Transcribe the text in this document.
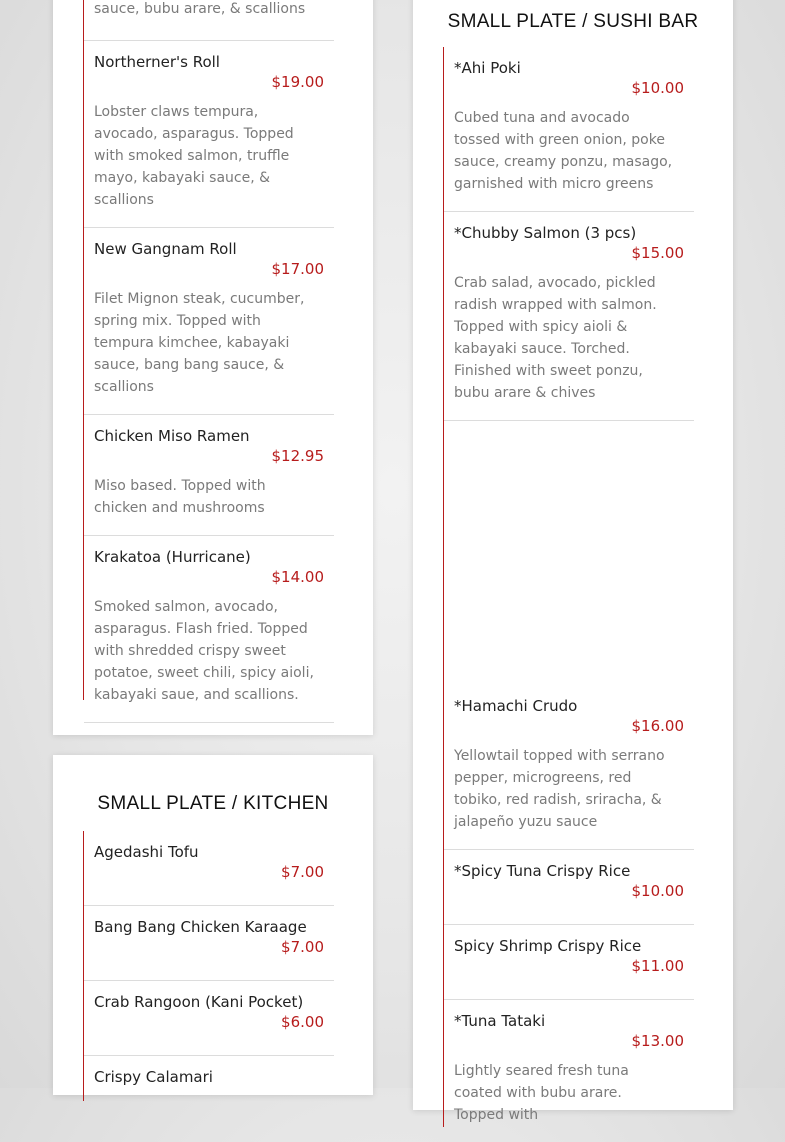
sauce, bubu arare, & scallions
Northerner's Roll
$19.00
Lobster claws tempura, avocado, asparagus. Topped with smoked salmon, truffle mayo, kabayaki sauce, & scallions
New Gangnam Roll
$17.00
Filet Mignon steak, cucumber, spring mix. Topped with tempura kimchee, kabayaki sauce, bang bang sauce, & scallions
Chicken Miso Ramen
$12.95
Miso based. Topped with chicken and mushrooms
Krakatoa (Hurricane)
$14.00
Smoked salmon, avocado, asparagus. Flash fried. Topped with shredded crispy sweet potatoe, sweet chili, spicy aioli, kabayaki saue, and scallions.
SMALL PLATE / KITCHEN
Agedashi Tofu
$7.00
Bang Bang Chicken Karaage
$7.00
Crab Rangoon (Kani Pocket)
$6.00
Crispy Calamari
SMALL PLATE / SUSHI BAR
*Ahi Poki
$10.00
Cubed tuna and avocado tossed with green onion, poke sauce, creamy ponzu, masago, garnished with micro greens
*Chubby Salmon (3 pcs)
$15.00
Crab salad, avocado, pickled radish wrapped with salmon. Topped with spicy aioli & kabayaki sauce. Torched. Finished with sweet ponzu, bubu arare & chives
*Hamachi Crudo
$16.00
Yellowtail topped with serrano pepper, microgreens, red tobiko, red radish, sriracha, & jalapeño yuzu sauce
*Spicy Tuna Crispy Rice
$10.00
Spicy Shrimp Crispy Rice
$11.00
*Tuna Tataki
$13.00
Lightly seared fresh tuna coated with bubu arare. Topped with
